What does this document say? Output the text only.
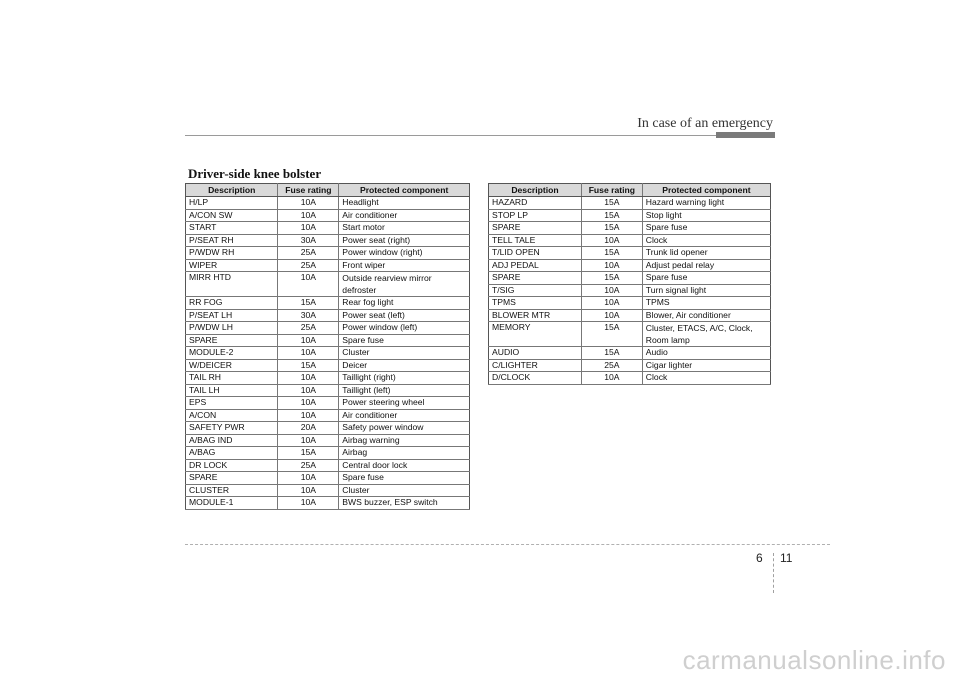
In case of an emergency
Driver-side knee bolster
Description	Fuse rating	Protected component
H/LP	10A	Headlight
A/CON SW	10A	Air conditioner
START	10A	Start motor
P/SEAT RH	30A	Power seat (right)
P/WDW RH	25A	Power window (right)
WIPER	25A	Front wiper
MIRR HTD	10A	Outside rearview mirror defroster
RR FOG	15A	Rear fog light
P/SEAT LH	30A	Power seat (left)
P/WDW LH	25A	Power window (left)
SPARE	10A	Spare fuse
MODULE-2	10A	Cluster
W/DEICER	15A	Deicer
TAIL RH	10A	Taillight (right)
TAIL LH	10A	Taillight (left)
EPS	10A	Power steering wheel
A/CON	10A	Air conditioner
SAFETY PWR	20A	Safety power window
A/BAG IND	10A	Airbag warning
A/BAG	15A	Airbag
DR LOCK	25A	Central door lock
SPARE	10A	Spare fuse
CLUSTER	10A	Cluster
MODULE-1	10A	BWS buzzer, ESP switch
Description	Fuse rating	Protected component
HAZARD	15A	Hazard warning light
STOP LP	15A	Stop light
SPARE	15A	Spare fuse
TELL TALE	10A	Clock
T/LID OPEN	15A	Trunk lid opener
ADJ PEDAL	10A	Adjust pedal relay
SPARE	15A	Spare fuse
T/SIG	10A	Turn signal light
TPMS	10A	TPMS
BLOWER MTR	10A	Blower, Air conditioner
MEMORY	15A	Cluster, ETACS, A/C, Clock, Room lamp
AUDIO	15A	Audio
C/LIGHTER	25A	Cigar lighter
D/CLOCK	10A	Clock
6 11
carmanualsonline.info
